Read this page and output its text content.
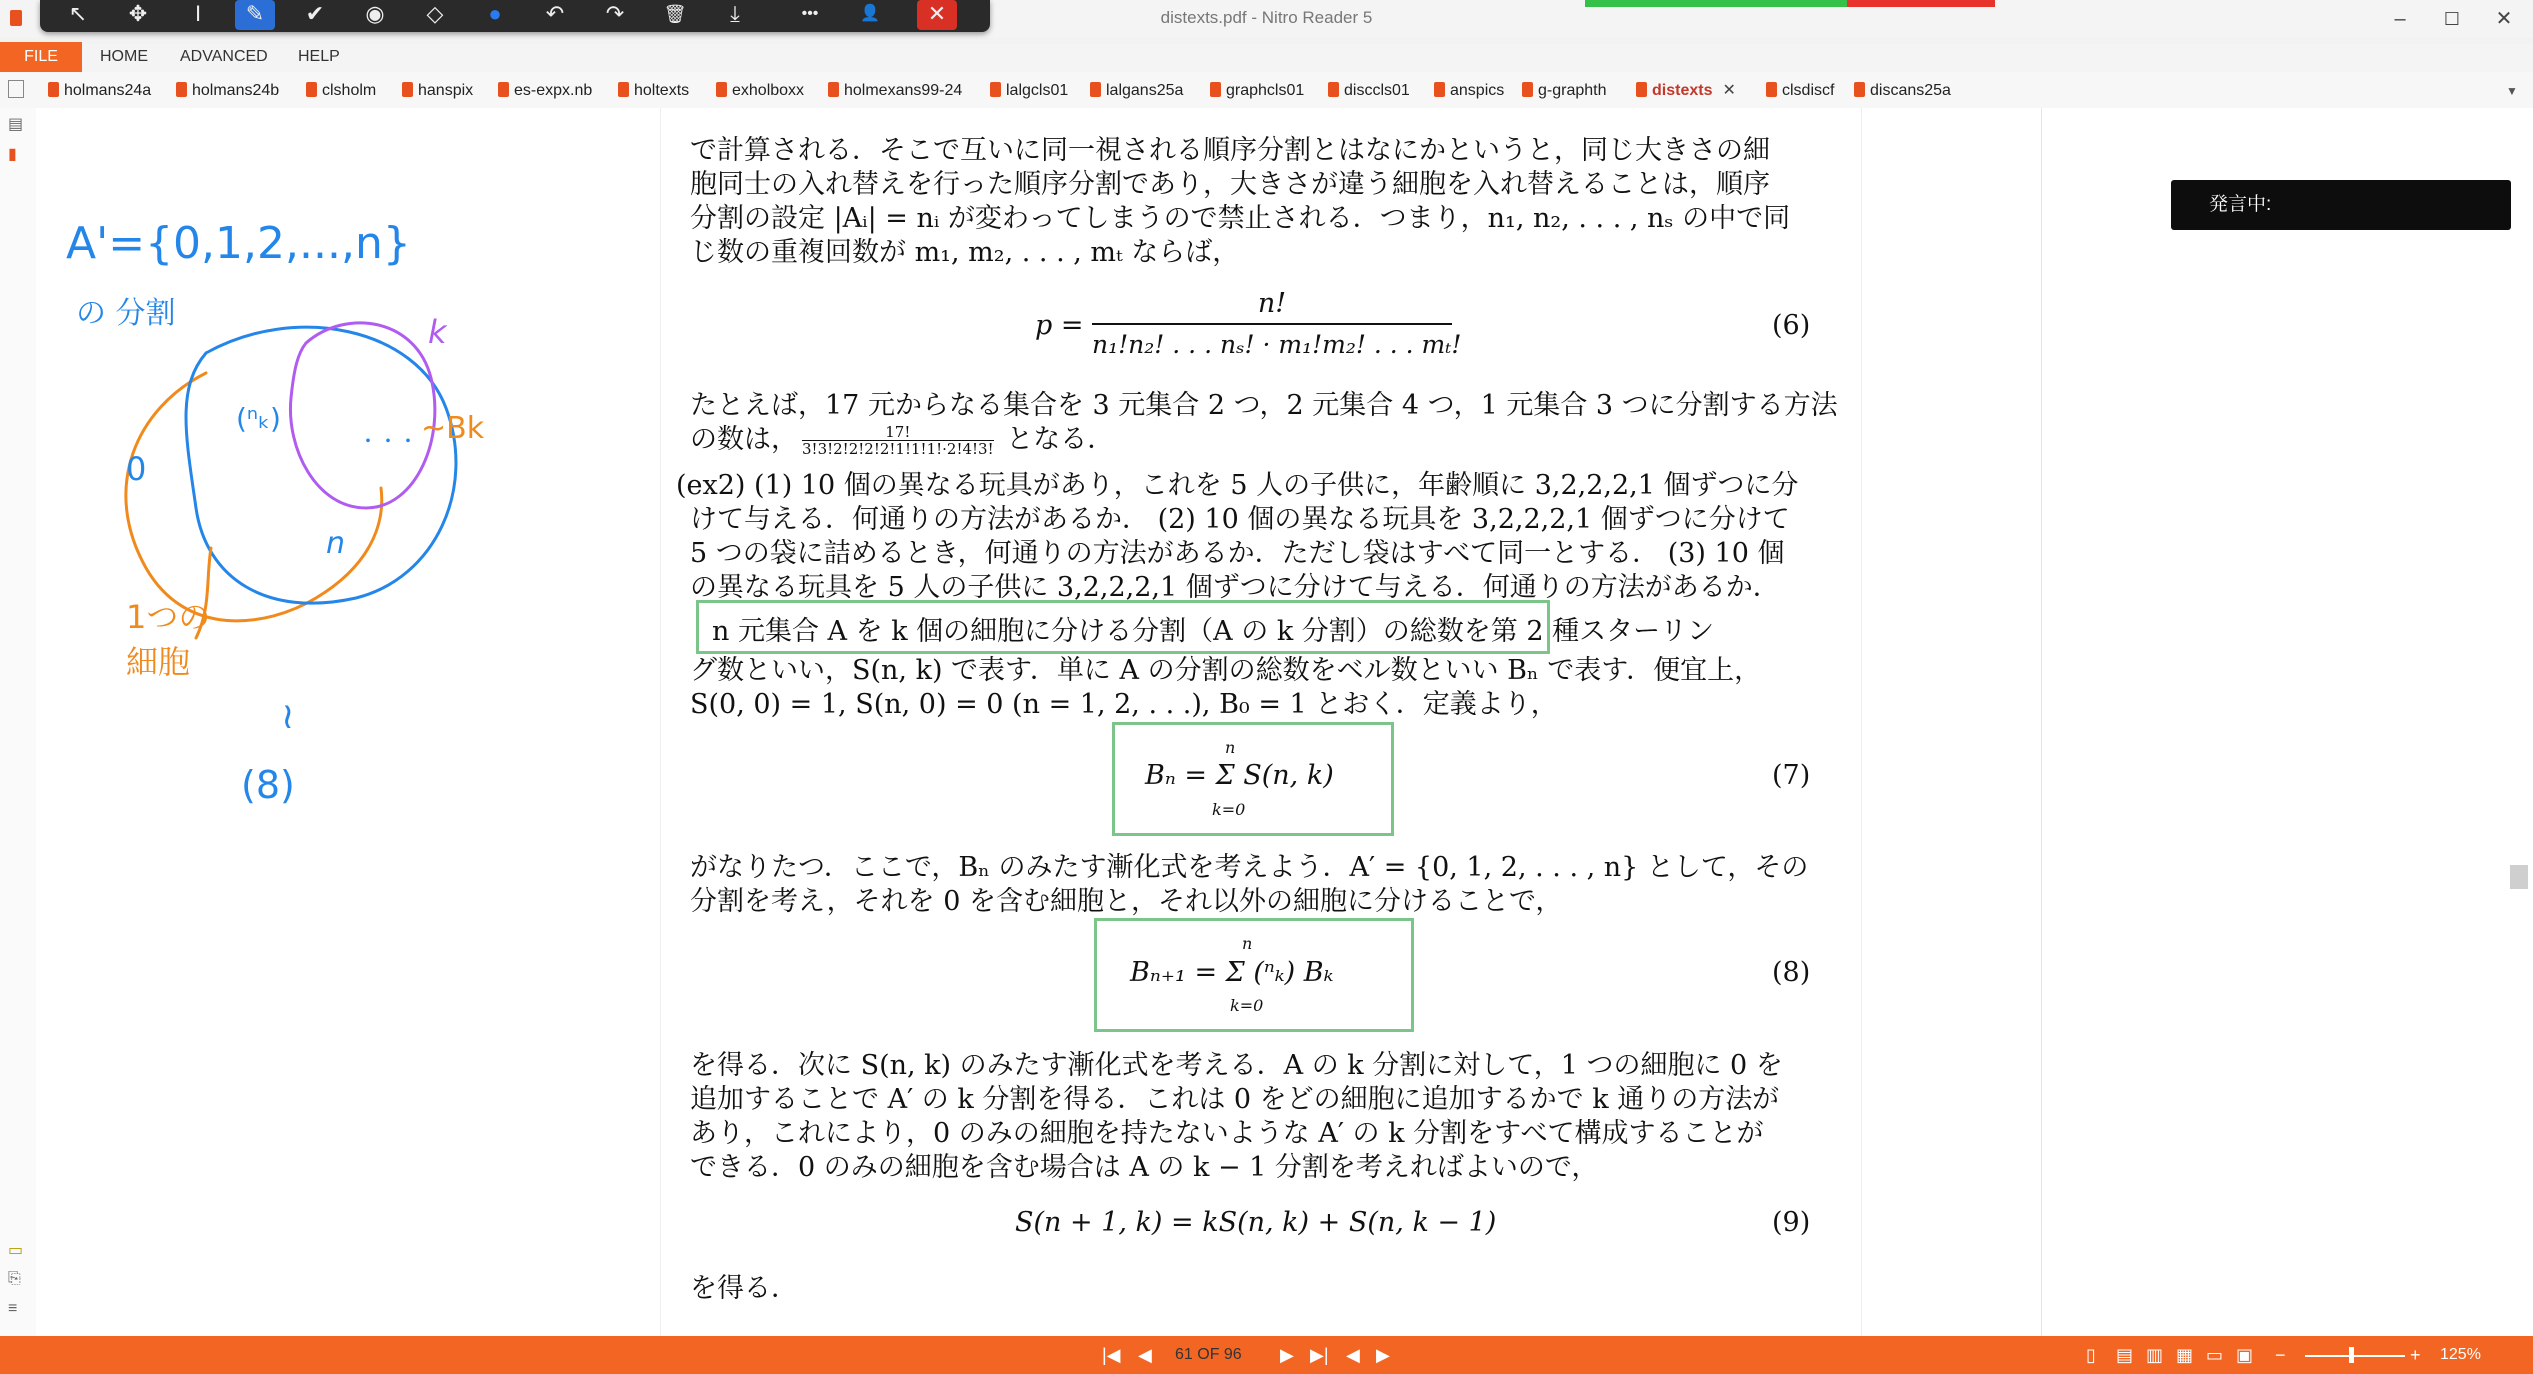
distexts.pdf - Nitro Reader 5	–	☐	✕
↖	✥	I	✎	✔	◉	◇	●	↶	↷	🗑	⤓	•••	👤	✕
FILE	HOME ADVANCED HELP
holmans24a	holmans24b	clsholm	hanspix	es-expx.nb	holtexts	exholboxx	holmexans99-24	lalgcls01	lalgans25a	graphcls01	disccls01	anspics	g-graphth	distexts ✕	clsdiscf	discans25a	▼
▤
▮
▭
⎘
≡
A'={0,1,2,...,n}
の 分割	k
~Bk
0
(ⁿₖ)
・・・
n
1つの
細胞
≀
(8)
で計算される．そこで互いに同一視される順序分割とはなにかというと，同じ大きさの細
胞同士の入れ替えを行った順序分割であり，大きさが違う細胞を入れ替えることは，順序
分割の設定 |Aᵢ| = nᵢ が変わってしまうので禁止される．つまり，n₁, n₂, . . . , nₛ の中で同
じ数の重複回数が m₁, m₂, . . . , mₜ ならば，
p =
n!
n₁!n₂! . . . nₛ! · m₁!m₂! . . . mₜ!
(6)
たとえば，17 元からなる集合を 3 元集合 2 つ，2 元集合 4 つ，1 元集合 3 つに分割する方法
の数は， $\frac{17!}{3!3!2!2!2!2!1!1!1!\cdot 2!4!3!}$ となる．
(ex2) (1) 10 個の異なる玩具があり，これを 5 人の子供に，年齢順に 3,2,2,2,1 個ずつに分
けて与える．何通りの方法があるか． (2) 10 個の異なる玩具を 3,2,2,2,1 個ずつに分けて
5 つの袋に詰めるとき，何通りの方法があるか．ただし袋はすべて同一とする． (3) 10 個
の異なる玩具を 5 人の子供に 3,2,2,2,1 個ずつに分けて与える．何通りの方法があるか．
n 元集合 A を k 個の細胞に分ける分割（A の k 分割）の総数を第 2 種スターリン
グ数といい，S(n, k) で表す．単に A の分割の総数をベル数といい Bₙ で表す．便宜上，
S(0, 0) = 1, S(n, 0) = 0 (n = 1, 2, . . .), B₀ = 1 とおく．定義より，
n
Bₙ = Σ S(n, k)
k=0
(7)
がなりたつ．ここで，Bₙ のみたす漸化式を考えよう．A′ = {0, 1, 2, . . . , n} として，その
分割を考え，それを 0 を含む細胞と，それ以外の細胞に分けることで，
n
Bₙ₊₁ = Σ (ⁿₖ) Bₖ
k=0
(8)
を得る．次に S(n, k) のみたす漸化式を考える．A の k 分割に対して，1 つの細胞に 0 を
追加することで A′ の k 分割を得る．これは 0 をどの細胞に追加するかで k 通りの方法が
あり，これにより，0 のみの細胞を持たないような A′ の k 分割をすべて構成することが
できる．0 のみの細胞を含む場合は A の k − 1 分割を考えればよいので，
S(n + 1, k) = kS(n, k) + S(n, k − 1)	(9)
を得る．
発言中:
|◀ ◀ 61 OF 96 ▶ ▶| ◀ ▶	▯ ▤ ▥ ▦ ▭ ▣ −	+ 125%
